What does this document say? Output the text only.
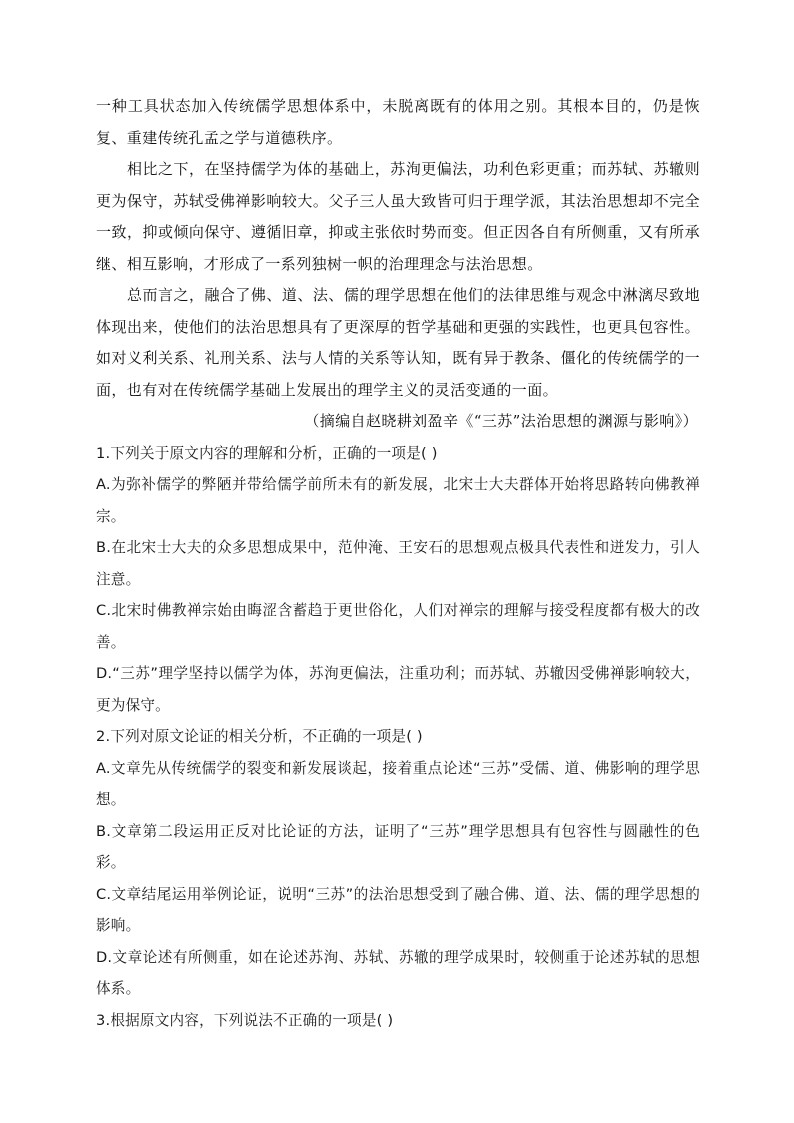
一种工具状态加入传统儒学思想体系中，未脱离既有的体用之别。其根本目的，仍是恢复、重建传统孔孟之学与道德秩序。

相比之下，在坚持儒学为体的基础上，苏洵更偏法，功利色彩更重；而苏轼、苏辙则更为保守，苏轼受佛禅影响较大。父子三人虽大致皆可归于理学派，其法治思想却不完全一致，抑或倾向保守、遵循旧章，抑或主张依时势而变。但正因各自有所侧重，又有所承继、相互影响，才形成了一系列独树一帜的治理理念与法治思想。

总而言之，融合了佛、道、法、儒的理学思想在他们的法律思维与观念中淋漓尽致地体现出来，使他们的法治思想具有了更深厚的哲学基础和更强的实践性，也更具包容性。如对义利关系、礼刑关系、法与人情的关系等认知，既有异于教条、僵化的传统儒学的一面，也有对在传统儒学基础上发展出的理学主义的灵活变通的一面。

（摘编自赵晓耕刘盈辛《“三苏”法治思想的渊源与影响》）

1.下列关于原文内容的理解和分析，正确的一项是( )

A.为弥补儒学的弊陋并带给儒学前所未有的新发展，北宋士大夫群体开始将思路转向佛教禅宗。

B.在北宋士大夫的众多思想成果中，范仲淹、王安石的思想观点极具代表性和迸发力，引人注意。

C.北宋时佛教禅宗始由晦涩含蓄趋于更世俗化，人们对禅宗的理解与接受程度都有极大的改善。

D.“三苏”理学坚持以儒学为体，苏洵更偏法，注重功利；而苏轼、苏辙因受佛禅影响较大，更为保守。

2.下列对原文论证的相关分析，不正确的一项是( )

A.文章先从传统儒学的裂变和新发展谈起，接着重点论述“三苏”受儒、道、佛影响的理学思想。

B.文章第二段运用正反对比论证的方法，证明了“三苏”理学思想具有包容性与圆融性的色彩。

C.文章结尾运用举例论证，说明“三苏”的法治思想受到了融合佛、道、法、儒的理学思想的影响。

D.文章论述有所侧重，如在论述苏洵、苏轼、苏辙的理学成果时，较侧重于论述苏轼的思想体系。

3.根据原文内容，下列说法不正确的一项是( )
